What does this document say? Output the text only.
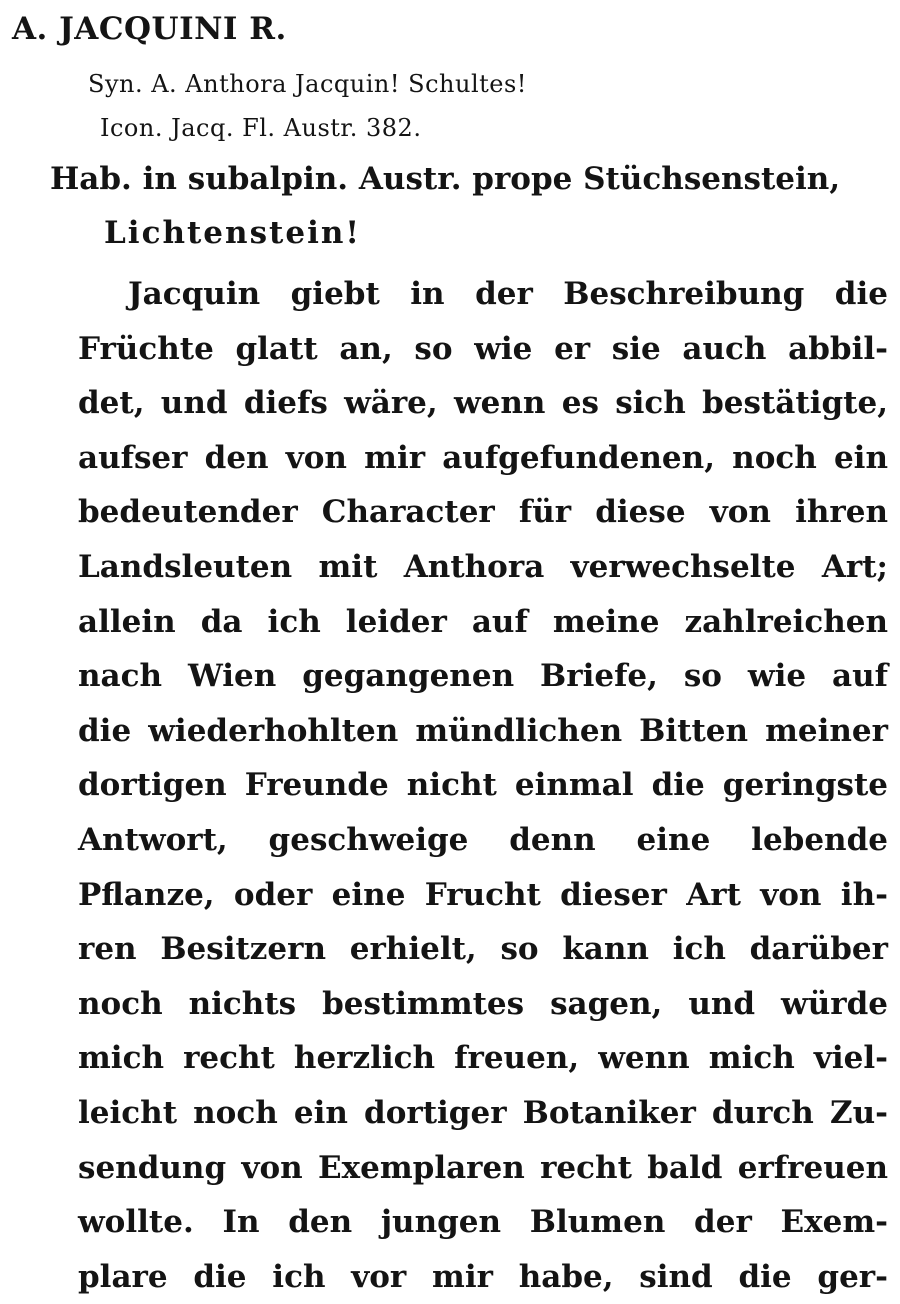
A. JACQUINI R.
Syn. A. Anthora Jacquin! Schultes!
Icon. Jacq. Fl. Austr. 382.
Hab. in subalpin. Austr. prope Stüchsenstein,
Lichtenstein!
Jacquin giebt in der Beschreibung die
Früchte glatt an, so wie er sie auch abbil-
det, und diefs wäre, wenn es sich bestätigte,
aufser den von mir aufgefundenen, noch ein
bedeutender Character für diese von ihren
Landsleuten mit Anthora verwechselte Art;
allein da ich leider auf meine zahlreichen
nach Wien gegangenen Briefe, so wie auf
die wiederhohlten mündlichen Bitten meiner
dortigen Freunde nicht einmal die geringste
Antwort, geschweige denn eine lebende
Pflanze, oder eine Frucht dieser Art von ih-
ren Besitzern erhielt, so kann ich darüber
noch nichts bestimmtes sagen, und würde
mich recht herzlich freuen, wenn mich viel-
leicht noch ein dortiger Botaniker durch Zu-
sendung von Exemplaren recht bald erfreuen
wollte. In den jungen Blumen der Exem-
plare die ich vor mir habe, sind die ger-
